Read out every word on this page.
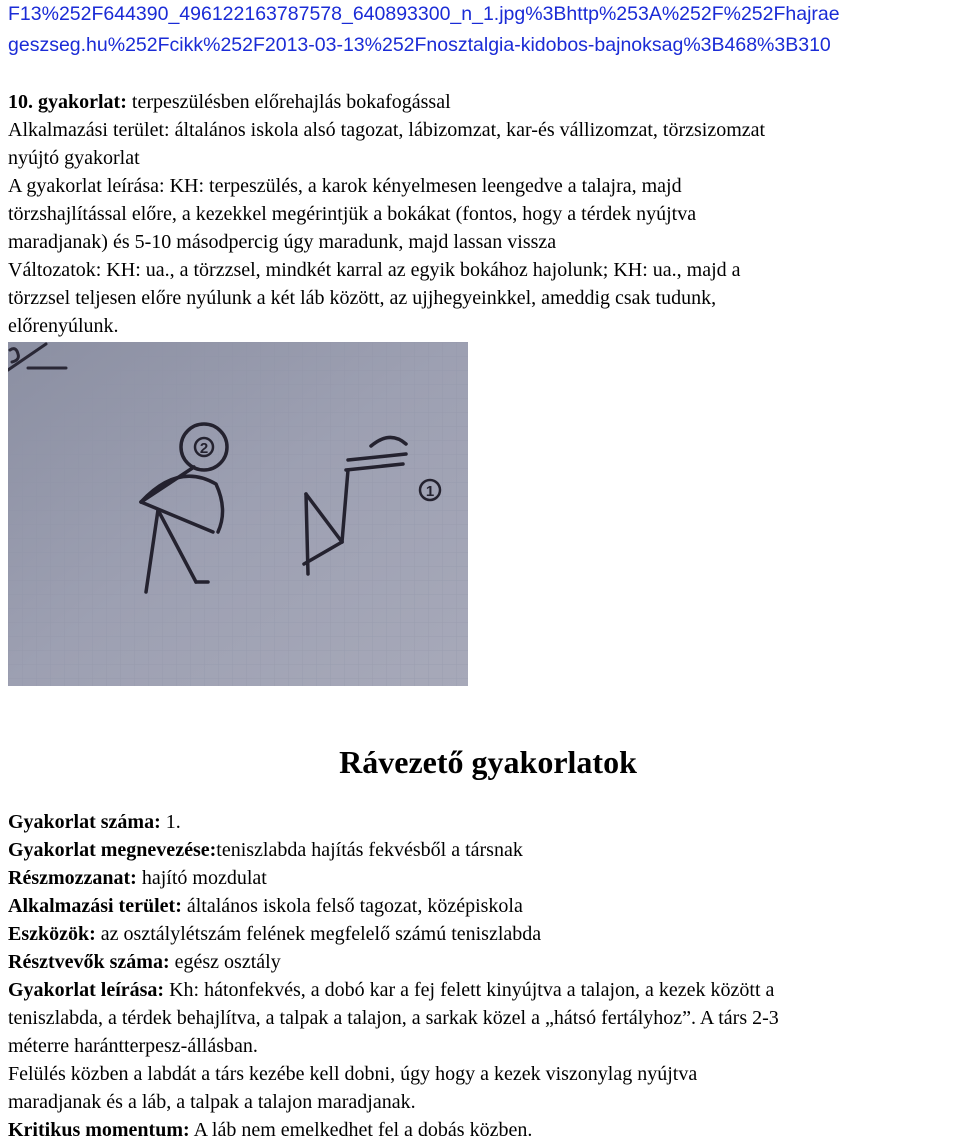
F13%252F644390_496122163787578_640893300_n_1.jpg%3Bhttp%253A%252F%252Fhajrae
geszseg.hu%252Fcikk%252F2013-03-13%252Fnosztalgia-kidobos-bajnoksag%3B468%3B310
10. gyakorlat: terpeszülésben előrehajlás bokafogással
Alkalmazási terület: általános iskola alsó tagozat, lábizomzat, kar-és vállizomzat, törzsizomzat
nyújtó gyakorlat
A gyakorlat leírása: KH: terpeszülés, a karok kényelmesen leengedve a talajra, majd
törzshajlítással előre, a kezekkel megérintjük a bokákat (fontos, hogy a térdek nyújtva
maradjanak) és 5-10 másodpercig úgy maradunk, majd lassan vissza
Változatok: KH: ua., a törzzsel, mindkét karral az egyik bokához hajolunk; KH: ua., majd a
törzzsel teljesen előre nyúlunk a két láb között, az ujjhegyeinkkel, ameddig csak tudunk,
előrenyúlunk.
2
1
Rávezető gyakorlatok
Gyakorlat száma: 1.
Gyakorlat megnevezése:teniszlabda hajítás fekvésből a társnak
Részmozzanat: hajító mozdulat
Alkalmazási terület: általános iskola felső tagozat, középiskola
Eszközök: az osztálylétszám felének megfelelő számú teniszlabda
Résztvevők száma: egész osztály
Gyakorlat leírása: Kh: hátonfekvés, a dobó kar a fej felett kinyújtva a talajon, a kezek között a
teniszlabda, a térdek behajlítva, a talpak a talajon, a sarkak közel a „hátsó fertályhoz”. A társ 2-3
méterre harántterpesz-állásban.
Felülés közben a labdát a társ kezébe kell dobni, úgy hogy a kezek viszonylag nyújtva
maradjanak és a láb, a talpak a talajon maradjanak.
Kritikus momentum: A láb nem emelkedhet fel a dobás közben.
